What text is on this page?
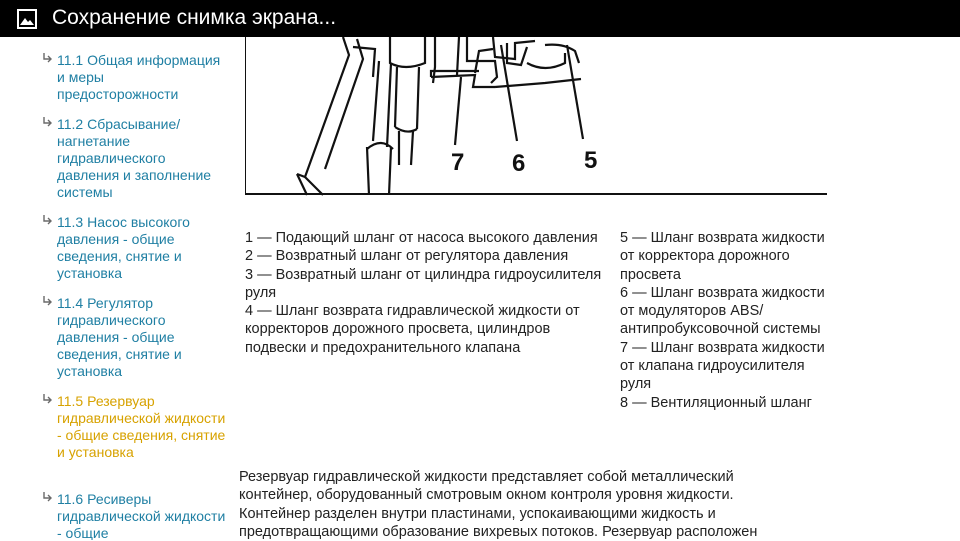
Сохранение снимка экрана...
11.1 Общая информация и меры предосторожности
11.2 Сбрасывание/ нагнетание гидравлического давления и заполнение системы
11.3 Насос высокого давления - общие сведения, снятие и установка
11.4 Регулятор гидравлического давления - общие сведения, снятие и установка
11.5 Резервуар гидравлической жидкости - общие сведения, снятие и установка
11.6 Ресиверы гидравлической жидкости - общие
7 6 5
1 — Подающий шланг от насоса высокого давления
2 — Возвратный шланг от регулятора давления
3 — Возвратный шланг от цилиндра гидроусилителя руля
4 — Шланг возврата гидравлической жидкости от корректоров дорожного просвета, цилиндров подвески и предохранительного клапана
5 — Шланг возврата жидкости от корректора дорожного просвета
6 — Шланг возврата жидкости от модуляторов ABS/антипробуксовочной системы
7 — Шланг возврата жидкости от клапана гидроусилителя руля
8 — Вентиляционный шланг
Резервуар гидравлической жидкости представляет собой металлический
контейнер, оборудованный смотровым окном контроля уровня жидкости.
Контейнер разделен внутри пластинами, успокаивающими жидкость и
предотвращающими образование вихревых потоков. Резервуар расположен
